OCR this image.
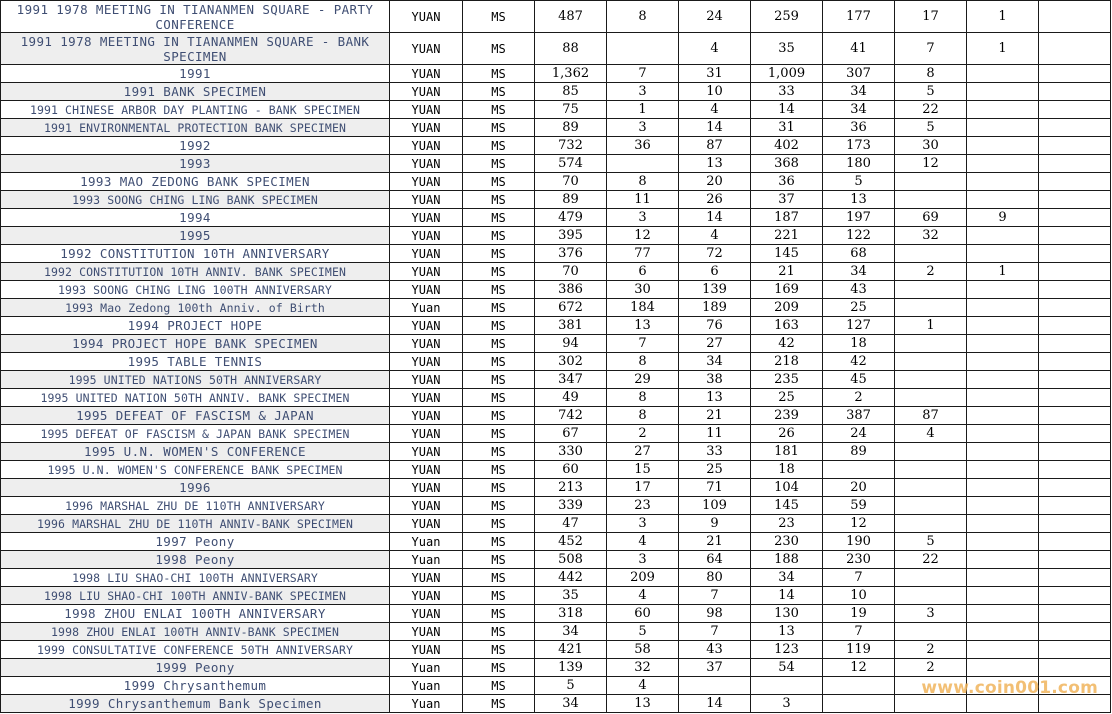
1991 1978 MEETING IN TIANANMEN SQUARE - PARTY CONFERENCE	YUAN	MS	487	8	24	259	177	17	1	
1991 1978 MEETING IN TIANANMEN SQUARE - BANK SPECIMEN	YUAN	MS	88		4	35	41	7	1	
1991	YUAN	MS	1,362	7	31	1,009	307	8		
1991 BANK SPECIMEN	YUAN	MS	85	3	10	33	34	5		
1991 CHINESE ARBOR DAY PLANTING - BANK SPECIMEN	YUAN	MS	75	1	4	14	34	22		
1991 ENVIRONMENTAL PROTECTION BANK SPECIMEN	YUAN	MS	89	3	14	31	36	5		
1992	YUAN	MS	732	36	87	402	173	30		
1993	YUAN	MS	574		13	368	180	12		
1993 MAO ZEDONG BANK SPECIMEN	YUAN	MS	70	8	20	36	5			
1993 SOONG CHING LING BANK SPECIMEN	YUAN	MS	89	11	26	37	13			
1994	YUAN	MS	479	3	14	187	197	69	9	
1995	YUAN	MS	395	12	4	221	122	32		
1992 CONSTITUTION 10TH ANNIVERSARY	YUAN	MS	376	77	72	145	68			
1992 CONSTITUTION 10TH ANNIV. BANK SPECIMEN	YUAN	MS	70	6	6	21	34	2	1	
1993 SOONG CHING LING 100TH ANNIVERSARY	YUAN	MS	386	30	139	169	43			
1993 Mao Zedong 100th Anniv. of Birth	Yuan	MS	672	184	189	209	25			
1994 PROJECT HOPE	YUAN	MS	381	13	76	163	127	1		
1994 PROJECT HOPE BANK SPECIMEN	YUAN	MS	94	7	27	42	18			
1995 TABLE TENNIS	YUAN	MS	302	8	34	218	42			
1995 UNITED NATIONS 50TH ANNIVERSARY	YUAN	MS	347	29	38	235	45			
1995 UNITED NATION 50TH ANNIV. BANK SPECIMEN	YUAN	MS	49	8	13	25	2			
1995 DEFEAT OF FASCISM & JAPAN	YUAN	MS	742	8	21	239	387	87		
1995 DEFEAT OF FASCISM & JAPAN BANK SPECIMEN	YUAN	MS	67	2	11	26	24	4		
1995 U.N. WOMEN'S CONFERENCE	YUAN	MS	330	27	33	181	89			
1995 U.N. WOMEN'S CONFERENCE BANK SPECIMEN	YUAN	MS	60	15	25	18				
1996	YUAN	MS	213	17	71	104	20			
1996 MARSHAL ZHU DE 110TH ANNIVERSARY	YUAN	MS	339	23	109	145	59			
1996 MARSHAL ZHU DE 110TH ANNIV-BANK SPECIMEN	YUAN	MS	47	3	9	23	12			
1997 Peony	Yuan	MS	452	4	21	230	190	5		
1998 Peony	Yuan	MS	508	3	64	188	230	22		
1998 LIU SHAO-CHI 100TH ANNIVERSARY	YUAN	MS	442	209	80	34	7			
1998 LIU SHAO-CHI 100TH ANNIV-BANK SPECIMEN	YUAN	MS	35	4	7	14	10			
1998 ZHOU ENLAI 100TH ANNIVERSARY	YUAN	MS	318	60	98	130	19	3		
1998 ZHOU ENLAI 100TH ANNIV-BANK SPECIMEN	YUAN	MS	34	5	7	13	7			
1999 CONSULTATIVE CONFERENCE 50TH ANNIVERSARY	YUAN	MS	421	58	43	123	119	2		
1999 Peony	Yuan	MS	139	32	37	54	12	2		
1999 Chrysanthemum	Yuan	MS	5	4						
1999 Chrysanthemum Bank Specimen	Yuan	MS	34	13	14	3				
www.coin001.com
